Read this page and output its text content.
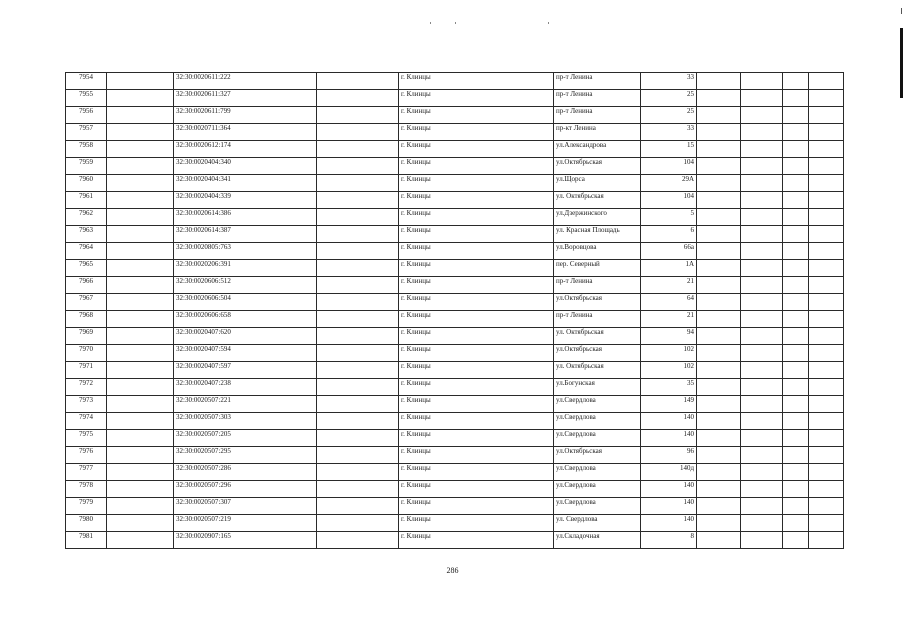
7954		32:30:0020611:222		г. Клинцы	пр-т Ленина	33				
7955		32:30:0020611:327		г. Клинцы	пр-т Ленина	25				
7956		32:30:0020611:799		г. Клинцы	пр-т Ленина	25				
7957		32:30:0020711:364		г. Клинцы	пр-кт Ленина	33				
7958		32:30:0020612:174		г. Клинцы	ул.Александрова	15				
7959		32:30:0020404:340		г. Клинцы	ул.Октябрьская	104				
7960		32:30:0020404:341		г. Клинцы	ул.Щорса	29А				
7961		32:30:0020404:339		г. Клинцы	ул. Октябрьская	104				
7962		32:30:0020614:386		г. Клинцы	ул.Дзержинского	5				
7963		32:30:0020614:387		г. Клинцы	ул. Красная Площадь	6				
7964		32:30:0020805:763		г. Клинцы	ул.Воровцова	66а				
7965		32:30:0020206:391		г. Клинцы	пер. Северный	1А				
7966		32:30:0020606:512		г. Клинцы	пр-т Ленина	21				
7967		32:30:0020606:504		г. Клинцы	ул.Октябрьская	64				
7968		32:30:0020606:658		г. Клинцы	пр-т Ленина	21				
7969		32:30:0020407:620		г. Клинцы	ул. Октябрьская	94				
7970		32:30:0020407:594		г. Клинцы	ул.Октябрьская	102				
7971		32:30:0020407:597		г. Клинцы	ул. Октябрьская	102				
7972		32:30:0020407:238		г. Клинцы	ул.Богунская	35				
7973		32:30:0020507:221		г. Клинцы	ул.Свердлова	149				
7974		32:30:0020507:303		г. Клинцы	ул.Свердлова	140				
7975		32:30:0020507:205		г. Клинцы	ул.Свердлова	140				
7976		32:30:0020507:295		г. Клинцы	ул.Октябрьская	96				
7977		32:30:0020507:286		г. Клинцы	ул.Свердлова	140д				
7978		32:30:0020507:296		г. Клинцы	ул.Свердлова	140				
7979		32:30:0020507:307		г. Клинцы	ул.Свердлова	140				
7980		32:30:0020507:219		г. Клинцы	ул. Свердлова	140				
7981		32:30:0020907:165		г. Клинцы	ул.Складочная	8				
286
